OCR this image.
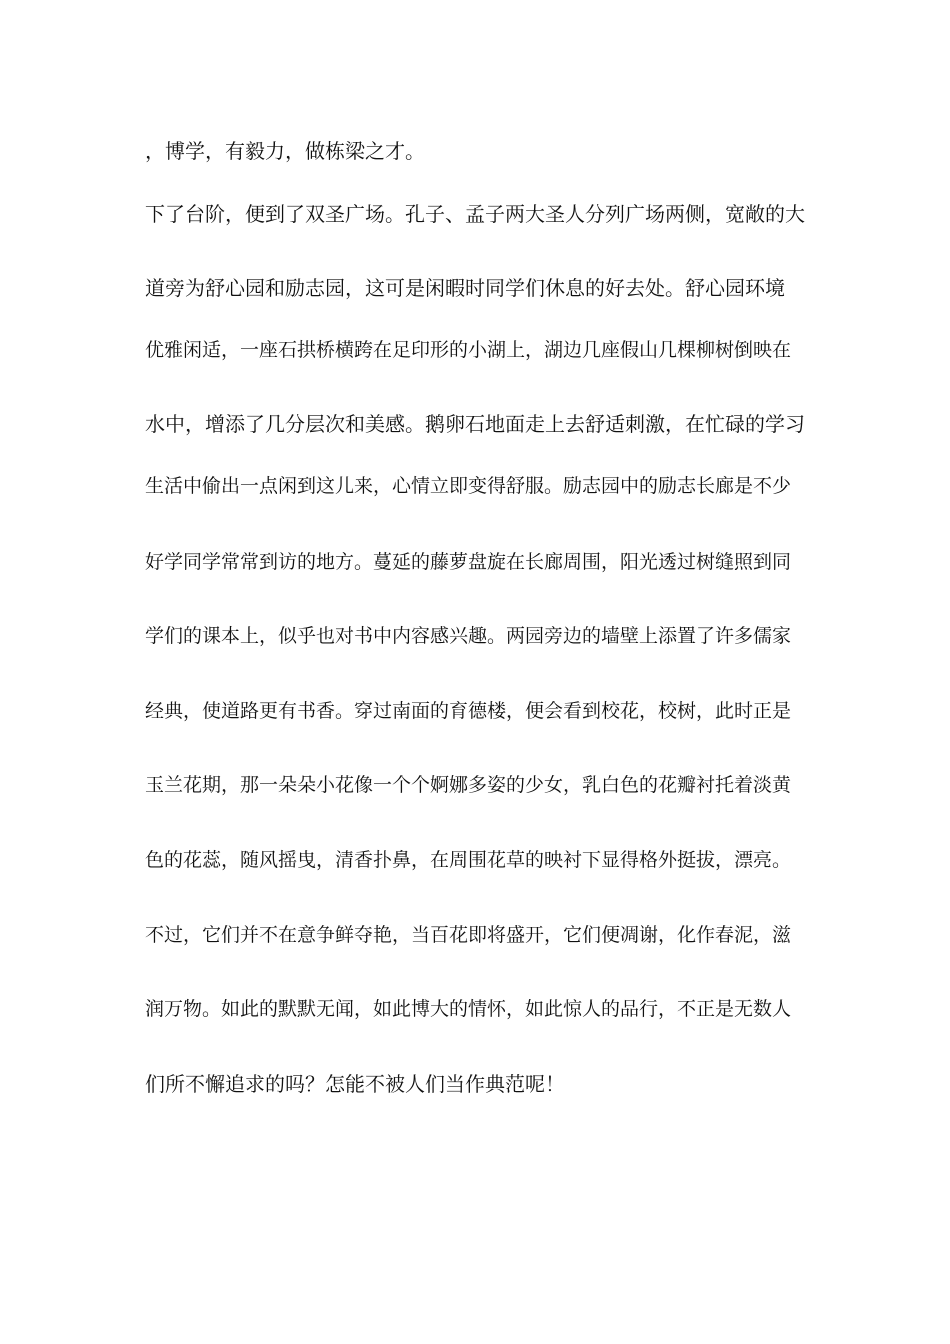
，博学，有毅力，做栋梁之才。
下了台阶，便到了双圣广场。孔子、孟子两大圣人分列广场两侧，宽敞的大
道旁为舒心园和励志园，这可是闲暇时同学们休息的好去处。舒心园环境
优雅闲适，一座石拱桥横跨在足印形的小湖上，湖边几座假山几棵柳树倒映在
水中，增添了几分层次和美感。鹅卵石地面走上去舒适刺激，在忙碌的学习
生活中偷出一点闲到这儿来，心情立即变得舒服。励志园中的励志长廊是不少
好学同学常常到访的地方。蔓延的藤萝盘旋在长廊周围，阳光透过树缝照到同
学们的课本上，似乎也对书中内容感兴趣。两园旁边的墙壁上添置了许多儒家
经典，使道路更有书香。穿过南面的育德楼，便会看到校花，校树，此时正是
玉兰花期，那一朵朵小花像一个个婀娜多姿的少女，乳白色的花瓣衬托着淡黄
色的花蕊，随风摇曳，清香扑鼻，在周围花草的映衬下显得格外挺拔，漂亮。
不过，它们并不在意争鲜夺艳，当百花即将盛开，它们便凋谢，化作春泥，滋
润万物。如此的默默无闻，如此博大的情怀，如此惊人的品行，不正是无数人
们所不懈追求的吗？怎能不被人们当作典范呢！
